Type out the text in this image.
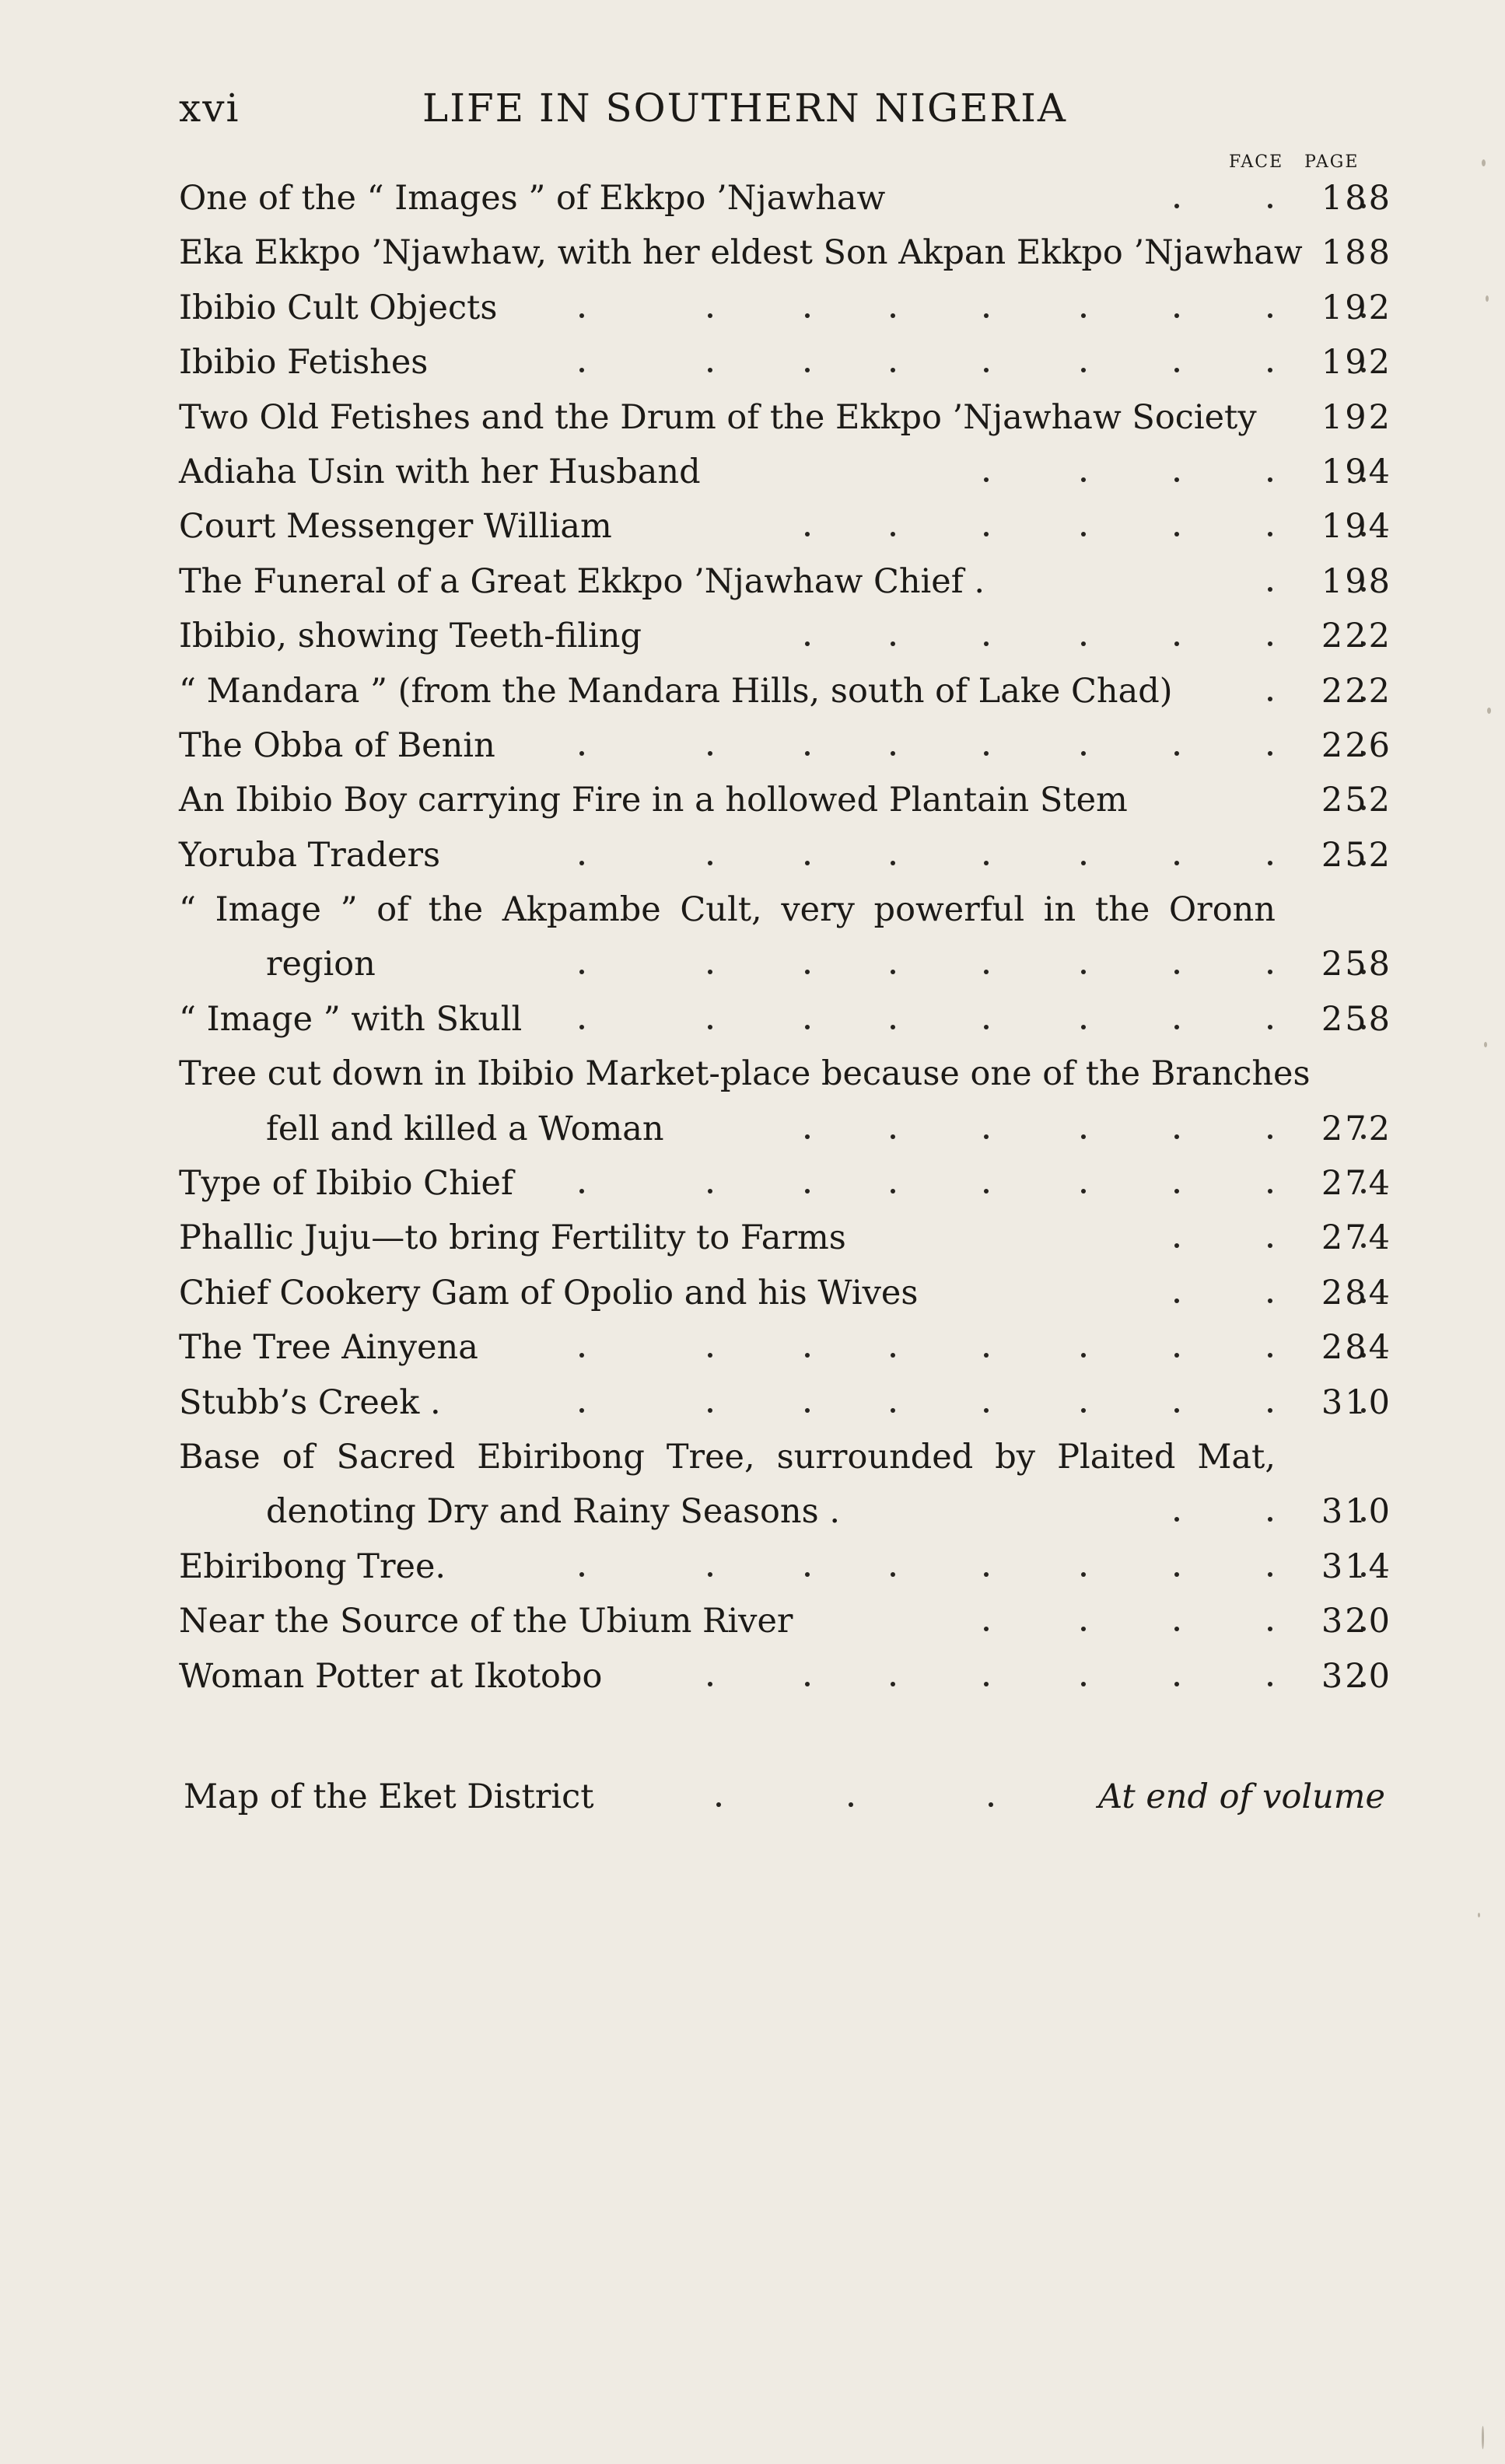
xvi	LIFE IN SOUTHERN NIGERIA
FACE PAGE
One of the “ Images ” of Ekkpo ’Njawhaw	188
Eka Ekkpo ’Njawhaw, with her eldest Son Akpan Ekkpo ’Njawhaw 188
Ibibio Cult Objects	192
Ibibio Fetishes	192
Two Old Fetishes and the Drum of the Ekkpo ’Njawhaw Society 192
Adiaha Usin with her Husband	194
Court Messenger William	194
The Funeral of a Great Ekkpo ’Njawhaw Chief .	198
Ibibio, showing Teeth-filing	222
“ Mandara ” (from the Mandara Hills, south of Lake Chad)	222
The Obba of Benin	226
An Ibibio Boy carrying Fire in a hollowed Plantain Stem	252
Yoruba Traders	252
“ Image ” of the Akpambe Cult, very powerful in the Oronn
region	258
“ Image ” with Skull	258
Tree cut down in Ibibio Market-place because one of the Branches
fell and killed a Woman	272
Type of Ibibio Chief	274
Phallic Juju—to bring Fertility to Farms	274
Chief Cookery Gam of Opolio and his Wives	284
The Tree Ainyena	284
Stubb’s Creek .	310
Base of Sacred Ebiribong Tree, surrounded by Plaited Mat,
denoting Dry and Rainy Seasons .	310
Ebiribong Tree.	314
Near the Source of the Ubium River	320
Woman Potter at Ikotobo	320
Map of the Eket District	At end of volume
